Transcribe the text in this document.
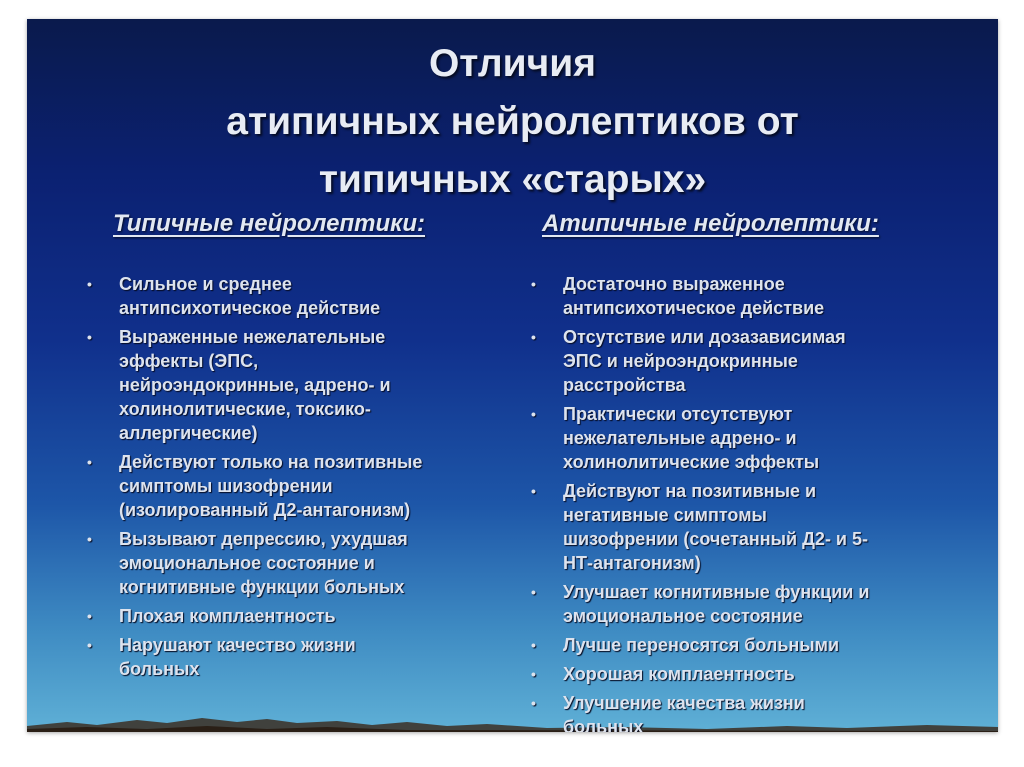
Отличия
атипичных нейролептиков от
типичных «старых»
Типичные нейролептики:	Атипичные нейролептики:
• Сильное и среднее
антипсихотическое действие
• Выраженные нежелательные
эффекты (ЭПС,
нейроэндокринные, адрено- и
холинолитические, токсико-
аллергические)
• Действуют только на позитивные
симптомы шизофрении
(изолированный Д2-антагонизм)
• Вызывают депрессию, ухудшая
эмоциональное состояние и
когнитивные функции больных
• Плохая комплаентность
• Нарушают качество жизни
больных
• Достаточно выраженное
антипсихотическое действие
• Отсутствие или дозазависимая
ЭПС и нейроэндокринные
расстройства
• Практически отсутствуют
нежелательные адрено- и
холинолитические эффекты
• Действуют на позитивные и
негативные симптомы
шизофрении (сочетанный Д2- и 5-
НТ-антагонизм)
• Улучшает когнитивные функции и
эмоциональное состояние
• Лучше переносятся больными
• Хорошая комплаентность
• Улучшение качества жизни
больных
